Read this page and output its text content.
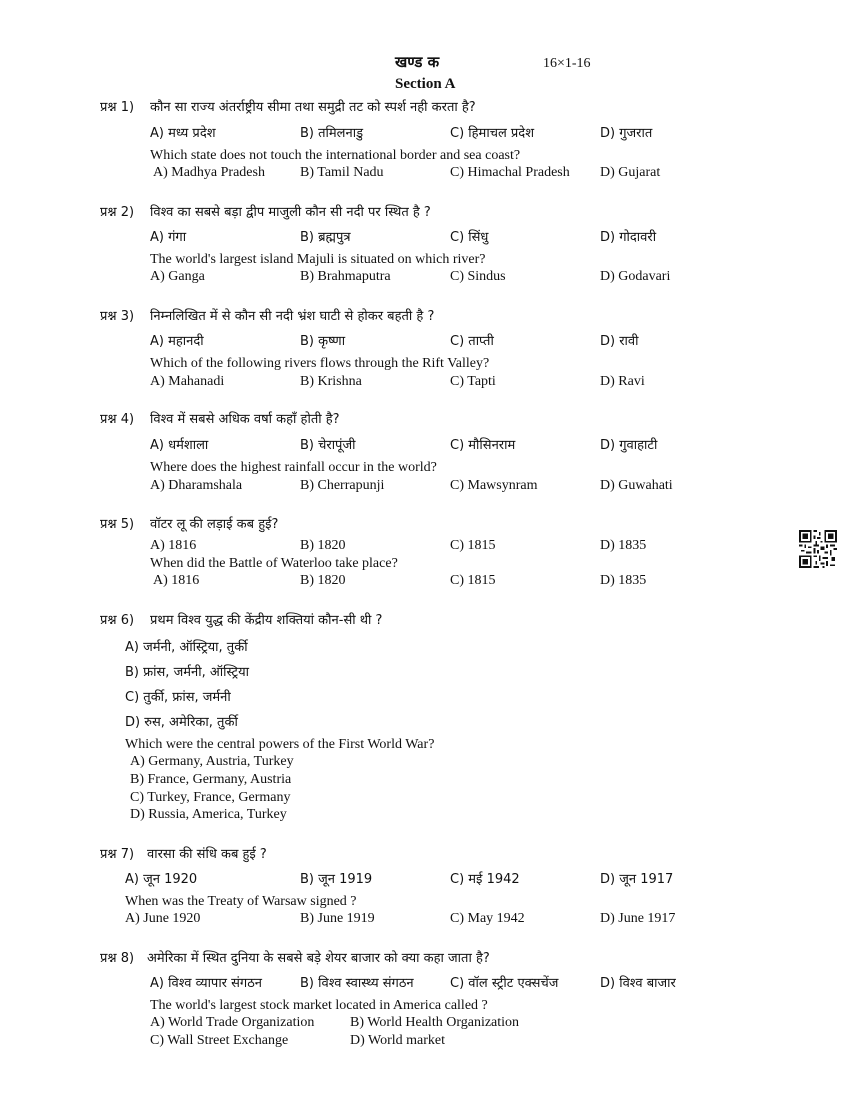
खण्ड क	16×1-16
Section A
प्रश्न 1) कौन सा राज्य अंतर्राष्ट्रीय सीमा तथा समुद्री तट को स्पर्श नही करता है?
A) मध्य प्रदेश	B) तमिलनाडु	C) हिमाचल प्रदेश	D) गुजरात
Which state does not touch the international border and sea coast?
A) Madhya Pradesh	B) Tamil Nadu	C) Himachal Pradesh D) Gujarat
प्रश्न 2) विश्व का सबसे बड़ा द्वीप माजुली कौन सी नदी पर स्थित है ?
A) गंगा	B) ब्रह्मपुत्र	C) सिंधु	D) गोदावरी
The world's largest island Majuli is situated on which river?
A) Ganga	B) Brahmaputra	C) Sindus	D) Godavari
प्रश्न 3) निम्नलिखित में से कौन सी नदी भ्रंश घाटी से होकर बहती है ?
A) महानदी	B) कृष्णा	C) ताप्ती	D) रावी
Which of the following rivers flows through the Rift Valley?
A) Mahanadi	B) Krishna	C) Tapti	D) Ravi
प्रश्न 4) विश्व में सबसे अधिक वर्षा कहाँ होती है?
A) धर्मशाला	B) चेरापूंजी	C) मौसिनराम	D) गुवाहाटी
Where does the highest rainfall occur in the world?
A) Dharamshala	B) Cherrapunji	C) Mawsynram	D) Guwahati
प्रश्न 5) वॉटर लू की लड़ाई कब हुई?
A) 1816	B) 1820	C) 1815	D) 1835
When did the Battle of Waterloo take place?
A) 1816	B) 1820	C) 1815	D) 1835
प्रश्न 6) प्रथम विश्व युद्ध की केंद्रीय शक्तियां कौन-सी थी ?
A) जर्मनी, ऑस्ट्रिया, तुर्की
B) फ्रांस, जर्मनी, ऑस्ट्रिया
C) तुर्की, फ्रांस, जर्मनी
D) रुस, अमेरिका, तुर्की
Which were the central powers of the First World War?
A) Germany, Austria, Turkey
B) France, Germany, Austria
C) Turkey, France, Germany
D) Russia, America, Turkey
प्रश्न 7) वारसा की संधि कब हुई ?
A) जून 1920	B) जून 1919	C) मई 1942	D) जून 1917
When was the Treaty of Warsaw signed ?
A) June 1920	B) June 1919	C) May 1942	D) June 1917
प्रश्न 8) अमेरिका में स्थित दुनिया के सबसे बड़े शेयर बाजार को क्या कहा जाता है?
A) विश्व व्यापार संगठन	B) विश्व स्वास्थ्य संगठन	C) वॉल स्ट्रीट एक्सचेंज	D) विश्व बाजार
The world's largest stock market located in America called ?
A) World Trade Organization	B) World Health Organization
C) Wall Street Exchange	D) World market
